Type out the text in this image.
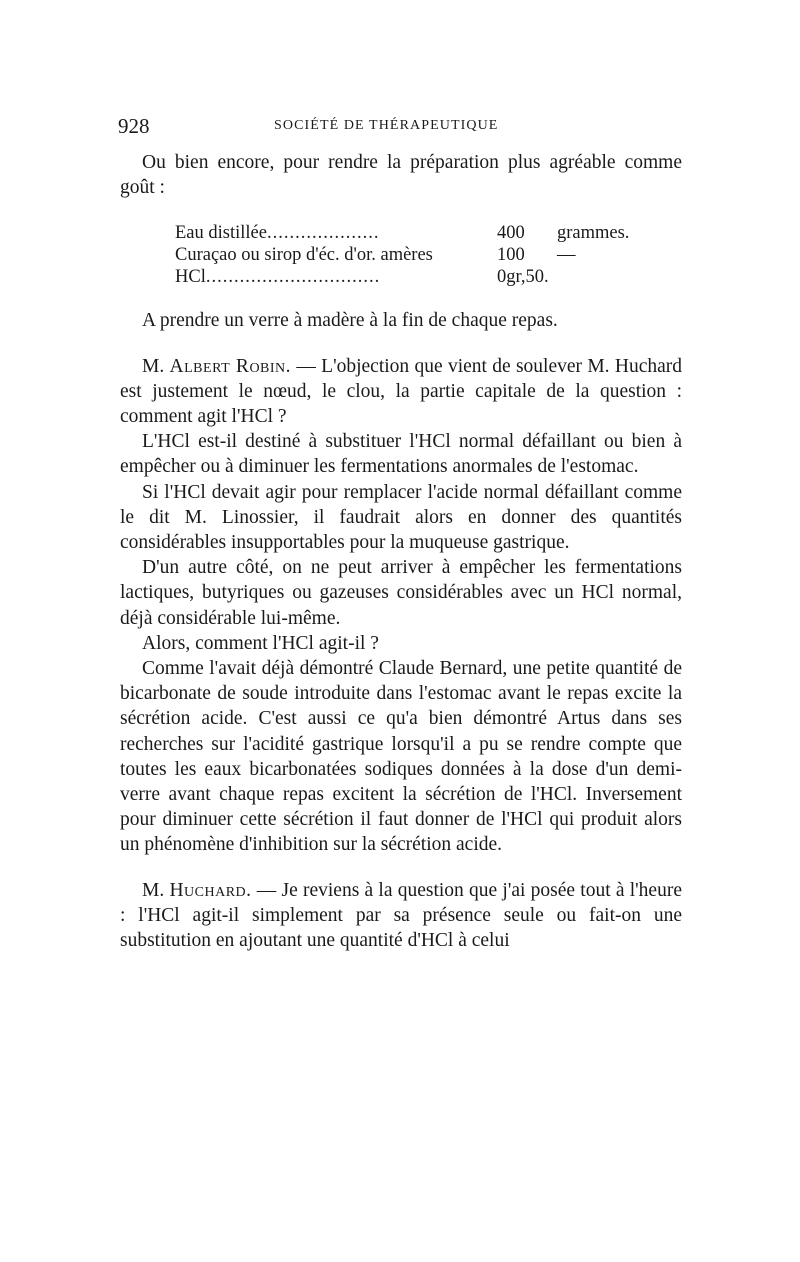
928	SOCIÉTÉ DE THÉRAPEUTIQUE

Ou bien encore, pour rendre la préparation plus agréable comme goût :

Eau distillée....................	400	grammes.
Curaçao ou sirop d'éc. d'or. amères	100	—
HCl...............................	0gr,50.

A prendre un verre à madère à la fin de chaque repas.

M. Albert Robin. — L'objection que vient de soulever M. Huchard est justement le nœud, le clou, la partie capitale de la question : comment agit l'HCl ?

L'HCl est-il destiné à substituer l'HCl normal défaillant ou bien à empêcher ou à diminuer les fermentations anormales de l'estomac.

Si l'HCl devait agir pour remplacer l'acide normal défaillant comme le dit M. Linossier, il faudrait alors en donner des quantités considérables insupportables pour la muqueuse gastrique.

D'un autre côté, on ne peut arriver à empêcher les fermentations lactiques, butyriques ou gazeuses considérables avec un HCl normal, déjà considérable lui-même.

Alors, comment l'HCl agit-il ?

Comme l'avait déjà démontré Claude Bernard, une petite quantité de bicarbonate de soude introduite dans l'estomac avant le repas excite la sécrétion acide. C'est aussi ce qu'a bien démontré Artus dans ses recherches sur l'acidité gastrique lorsqu'il a pu se rendre compte que toutes les eaux bicarbonatées sodiques données à la dose d'un demi-verre avant chaque repas excitent la sécrétion de l'HCl. Inversement pour diminuer cette sécrétion il faut donner de l'HCl qui produit alors un phénomène d'inhibition sur la sécrétion acide.

M. Huchard. — Je reviens à la question que j'ai posée tout à l'heure : l'HCl agit-il simplement par sa présence seule ou fait-on une substitution en ajoutant une quantité d'HCl à celui
